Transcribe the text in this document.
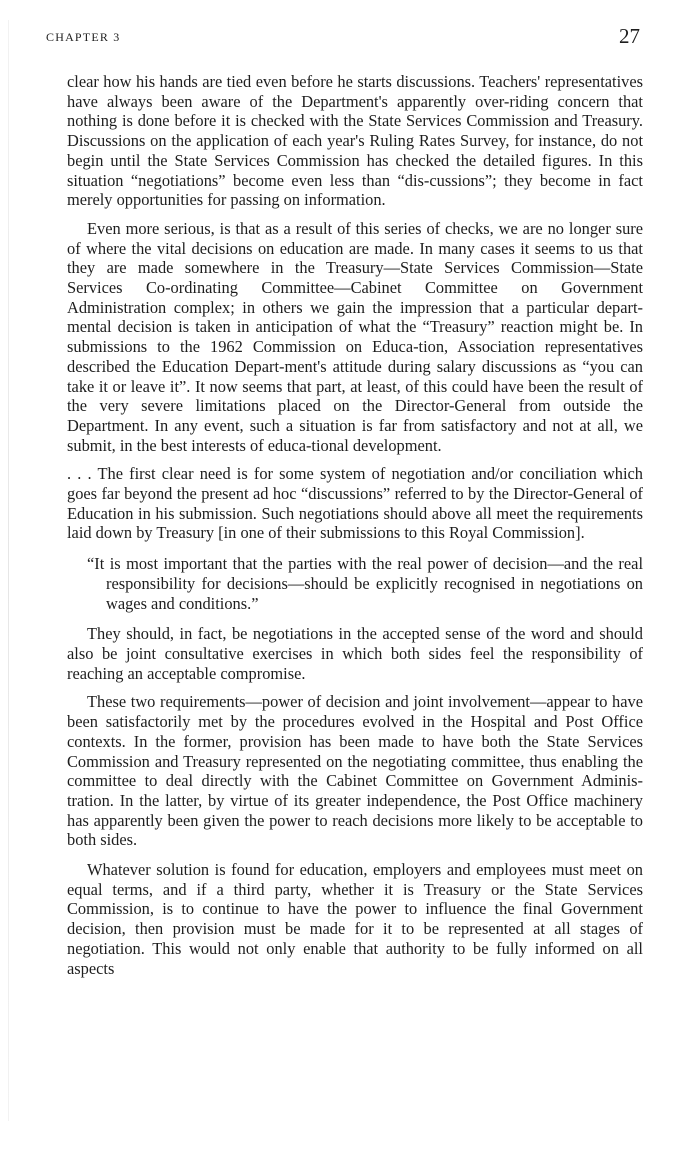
CHAPTER 3	27

clear how his hands are tied even before he starts discussions. Teachers' representatives have always been aware of the Department's apparently over-riding concern that nothing is done before it is checked with the State Services Commission and Treasury. Discussions on the application of each year's Ruling Rates Survey, for instance, do not begin until the State Services Commission has checked the detailed figures. In this situation “negotiations” become even less than “dis-cussions”; they become in fact merely opportunities for passing on information.

Even more serious, is that as a result of this series of checks, we are no longer sure of where the vital decisions on education are made. In many cases it seems to us that they are made somewhere in the Treasury—State Services Commission—State Services Co-ordinating Committee—Cabinet Committee on Government Administration complex; in others we gain the impression that a particular depart-mental decision is taken in anticipation of what the “Treasury” reaction might be. In submissions to the 1962 Commission on Educa-tion, Association representatives described the Education Depart-ment's attitude during salary discussions as “you can take it or leave it”. It now seems that part, at least, of this could have been the result of the very severe limitations placed on the Director-General from outside the Department. In any event, such a situation is far from satisfactory and not at all, we submit, in the best interests of educa-tional development.

. . . The first clear need is for some system of negotiation and/or conciliation which goes far beyond the present ad hoc “discussions” referred to by the Director-General of Education in his submission. Such negotiations should above all meet the requirements laid down by Treasury [in one of their submissions to this Royal Commission].

“It is most important that the parties with the real power of decision—and the real responsibility for decisions—should be explicitly recognised in negotiations on wages and conditions.”

They should, in fact, be negotiations in the accepted sense of the word and should also be joint consultative exercises in which both sides feel the responsibility of reaching an acceptable compromise.

These two requirements—power of decision and joint involvement—appear to have been satisfactorily met by the procedures evolved in the Hospital and Post Office contexts. In the former, provision has been made to have both the State Services Commission and Treasury represented on the negotiating committee, thus enabling the committee to deal directly with the Cabinet Committee on Government Adminis-tration. In the latter, by virtue of its greater independence, the Post Office machinery has apparently been given the power to reach decisions more likely to be acceptable to both sides.

Whatever solution is found for education, employers and employees must meet on equal terms, and if a third party, whether it is Treasury or the State Services Commission, is to continue to have the power to influence the final Government decision, then provision must be made for it to be represented at all stages of negotiation. This would not only enable that authority to be fully informed on all aspects
